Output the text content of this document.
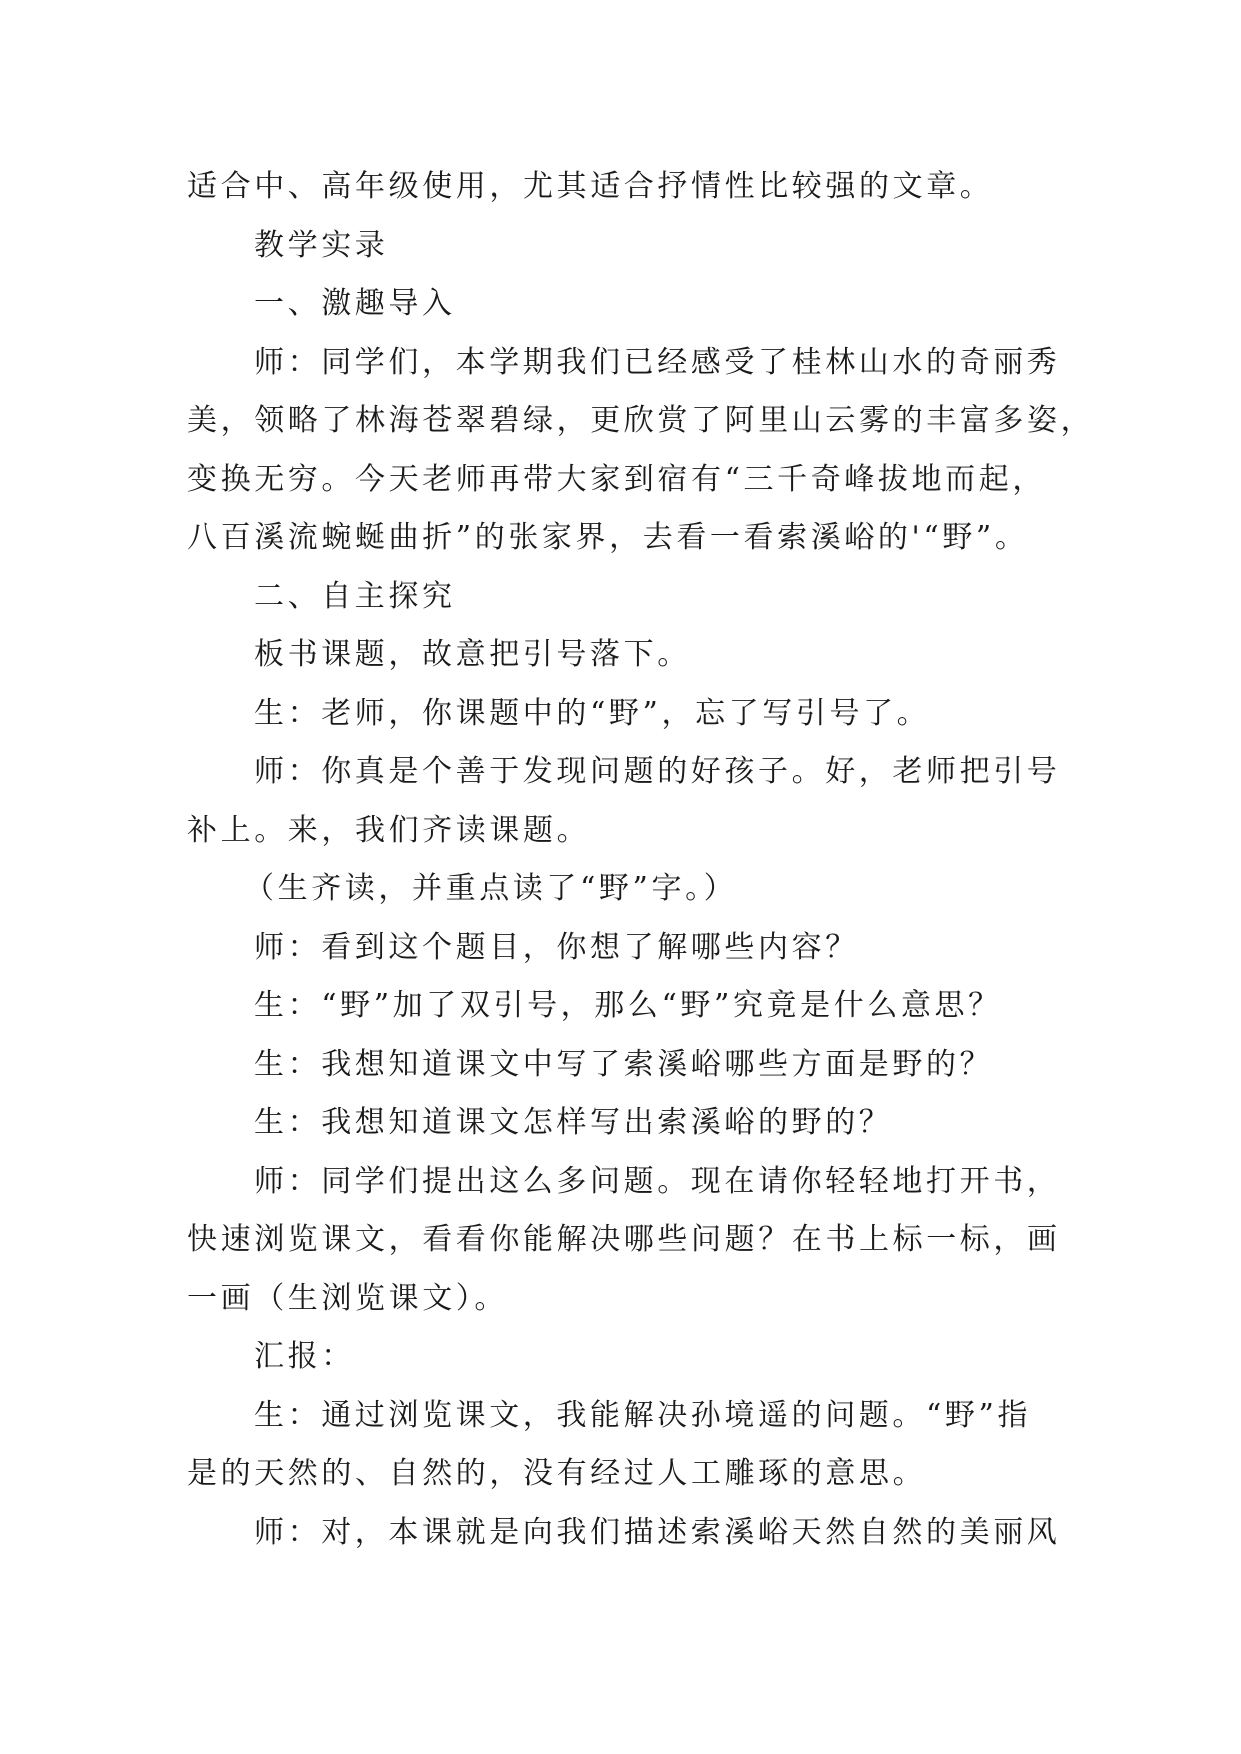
适合中、高年级使用，尤其适合抒情性比较强的文章。
教学实录
一、激趣导入
师：同学们，本学期我们已经感受了桂林山水的奇丽秀
美，领略了林海苍翠碧绿，更欣赏了阿里山云雾的丰富多姿，
变换无穷。今天老师再带大家到宿有“三千奇峰拔地而起，
八百溪流蜿蜒曲折”的张家界，去看一看索溪峪的'“野”。
二、自主探究
板书课题，故意把引号落下。
生：老师，你课题中的“野”，忘了写引号了。
师：你真是个善于发现问题的好孩子。好，老师把引号
补上。来，我们齐读课题。
（生齐读，并重点读了“野”字。）
师：看到这个题目，你想了解哪些内容？
生：“野”加了双引号，那么“野”究竟是什么意思？
生：我想知道课文中写了索溪峪哪些方面是野的？
生：我想知道课文怎样写出索溪峪的野的？
师：同学们提出这么多问题。现在请你轻轻地打开书，
快速浏览课文，看看你能解决哪些问题？在书上标一标，画
一画（生浏览课文）。
汇报：
生：通过浏览课文，我能解决孙境遥的问题。“野”指
是的天然的、自然的，没有经过人工雕琢的意思。
师：对，本课就是向我们描述索溪峪天然自然的美丽风
